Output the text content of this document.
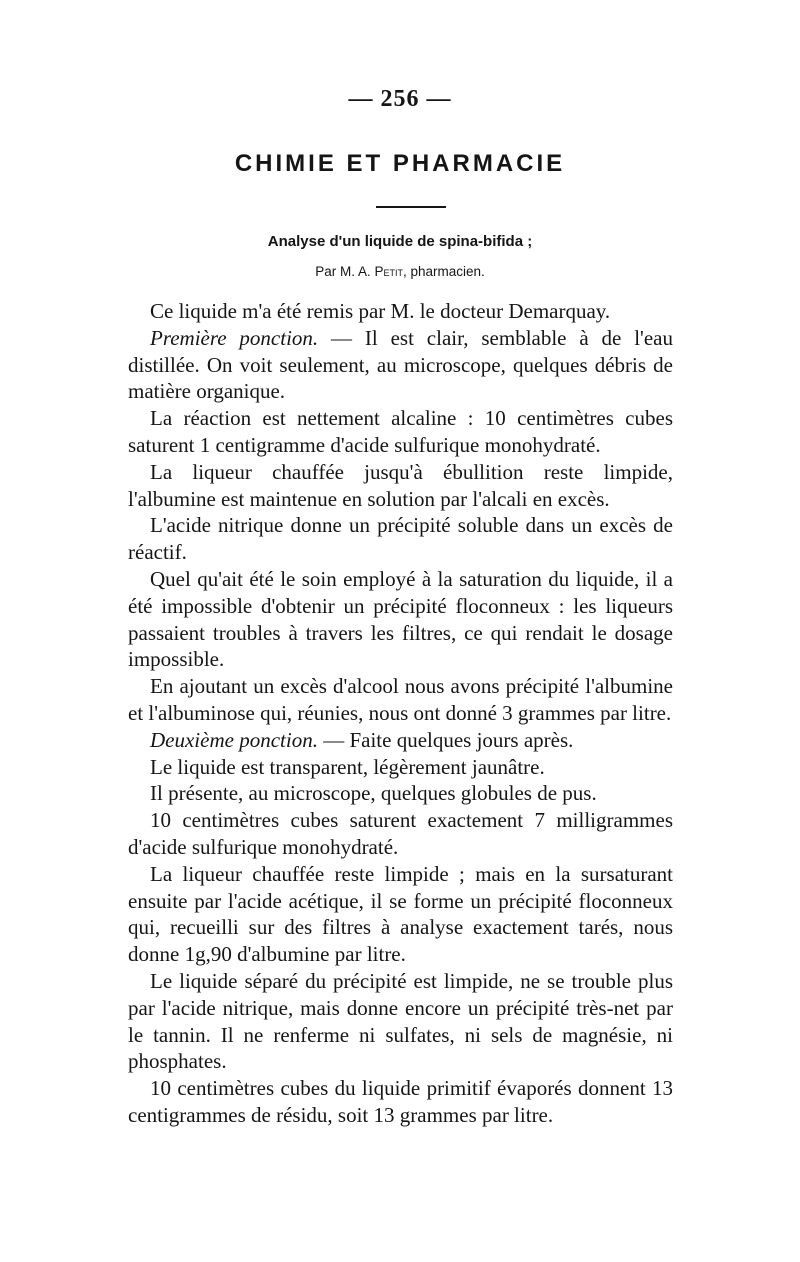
— 256 —
CHIMIE ET PHARMACIE
Analyse d'un liquide de spina-bifida ;
Par M. A. Petit, pharmacien.

Ce liquide m'a été remis par M. le docteur Demarquay.

Première ponction. — Il est clair, semblable à de l'eau distillée. On voit seulement, au microscope, quelques débris de matière organique.

La réaction est nettement alcaline : 10 centimètres cubes saturent 1 centigramme d'acide sulfurique monohydraté.

La liqueur chauffée jusqu'à ébullition reste limpide, l'albumine est maintenue en solution par l'alcali en excès.

L'acide nitrique donne un précipité soluble dans un excès de réactif.

Quel qu'ait été le soin employé à la saturation du liquide, il a été impossible d'obtenir un précipité floconneux : les liqueurs passaient troubles à travers les filtres, ce qui rendait le dosage impossible.

En ajoutant un excès d'alcool nous avons précipité l'albumine et l'albuminose qui, réunies, nous ont donné 3 grammes par litre.

Deuxième ponction. — Faite quelques jours après.

Le liquide est transparent, légèrement jaunâtre.

Il présente, au microscope, quelques globules de pus.

10 centimètres cubes saturent exactement 7 milligrammes d'acide sulfurique monohydraté.

La liqueur chauffée reste limpide ; mais en la sursaturant ensuite par l'acide acétique, il se forme un précipité floconneux qui, recueilli sur des filtres à analyse exactement tarés, nous donne 1g,90 d'albumine par litre.

Le liquide séparé du précipité est limpide, ne se trouble plus par l'acide nitrique, mais donne encore un précipité très-net par le tannin. Il ne renferme ni sulfates, ni sels de magnésie, ni phosphates.

10 centimètres cubes du liquide primitif évaporés donnent 13 centigrammes de résidu, soit 13 grammes par litre.
